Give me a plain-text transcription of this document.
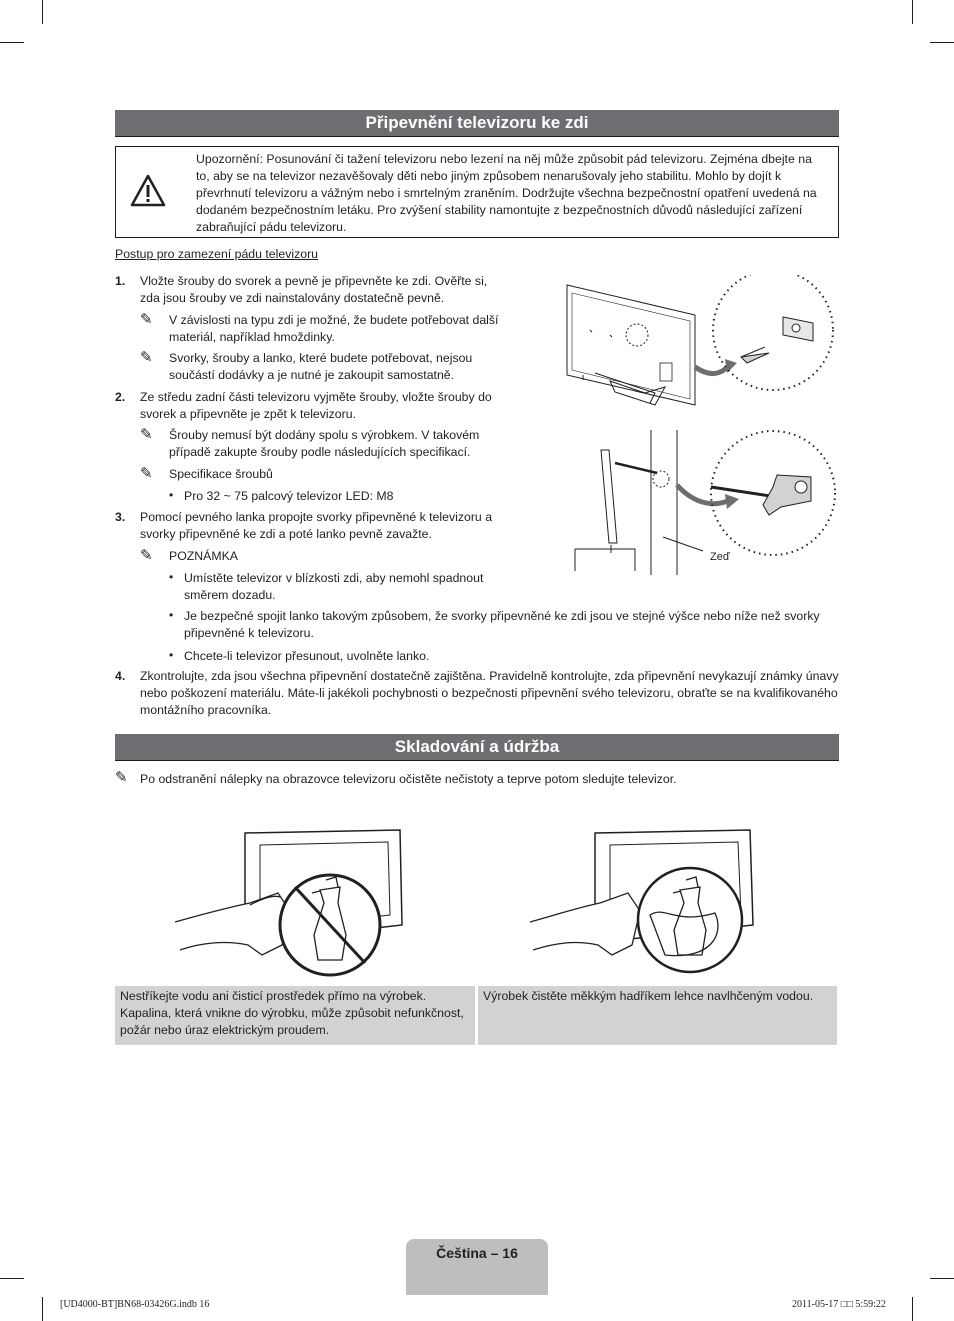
Připevnění televizoru ke zdi
Upozornění: Posunování či tažení televizoru nebo lezení na něj může způsobit pád televizoru. Zejména dbejte na to, aby se na televizor nezavěšovaly děti nebo jiným způsobem nenarušovaly jeho stabilitu. Mohlo by dojít k převrhnutí televizoru a vážným nebo i smrtelným zraněním. Dodržujte všechna bezpečnostní opatření uvedená na dodaném bezpečnostním letáku. Pro zvýšení stability namontujte z bezpečnostních důvodů následující zařízení zabraňující pádu televizoru.
Postup pro zamezení pádu televizoru
1. Vložte šrouby do svorek a pevně je připevněte ke zdi. Ověřte si, zda jsou šrouby ve zdi nainstalovány dostatečně pevně.
✎ V závislosti na typu zdi je možné, že budete potřebovat další materiál, například hmoždinky.
✎ Svorky, šrouby a lanko, které budete potřebovat, nejsou součástí dodávky a je nutné je zakoupit samostatně.
2. Ze středu zadní části televizoru vyjměte šrouby, vložte šrouby do svorek a připevněte je zpět k televizoru.
✎ Šrouby nemusí být dodány spolu s výrobkem. V takovém případě zakupte šrouby podle následujících specifikací.
✎ Specifikace šroubů
• Pro 32 ~ 75 palcový televizor LED: M8
3. Pomocí pevného lanka propojte svorky připevněné k televizoru a svorky připevněné ke zdi a poté lanko pevně zavažte.
✎ POZNÁMKA
• Umístěte televizor v blízkosti zdi, aby nemohl spadnout směrem dozadu.
• Je bezpečné spojit lanko takovým způsobem, že svorky připevněné ke zdi jsou ve stejné výšce nebo níže než svorky připevněné k televizoru.
• Chcete-li televizor přesunout, uvolněte lanko.
4. Zkontrolujte, zda jsou všechna připevnění dostatečně zajištěna. Pravidelně kontrolujte, zda připevnění nevykazují známky únavy nebo poškození materiálu. Máte-li jakékoli pochybnosti o bezpečnosti připevnění svého televizoru, obraťte se na kvalifikovaného montážního pracovníka.
Zeď
Skladování a údržba
✎ Po odstranění nálepky na obrazovce televizoru očistěte nečistoty a teprve potom sledujte televizor.
Nestříkejte vodu ani čisticí prostředek přímo na výrobek. Kapalina, která vnikne do výrobku, může způsobit nefunkčnost, požár nebo úraz elektrickým proudem.
Výrobek čistěte měkkým hadříkem lehce navlhčeným vodou.
Čeština – 16
[UD4000-BT]BN68-03426G.indb 16	2011-05-17 □□ 5:59:22
